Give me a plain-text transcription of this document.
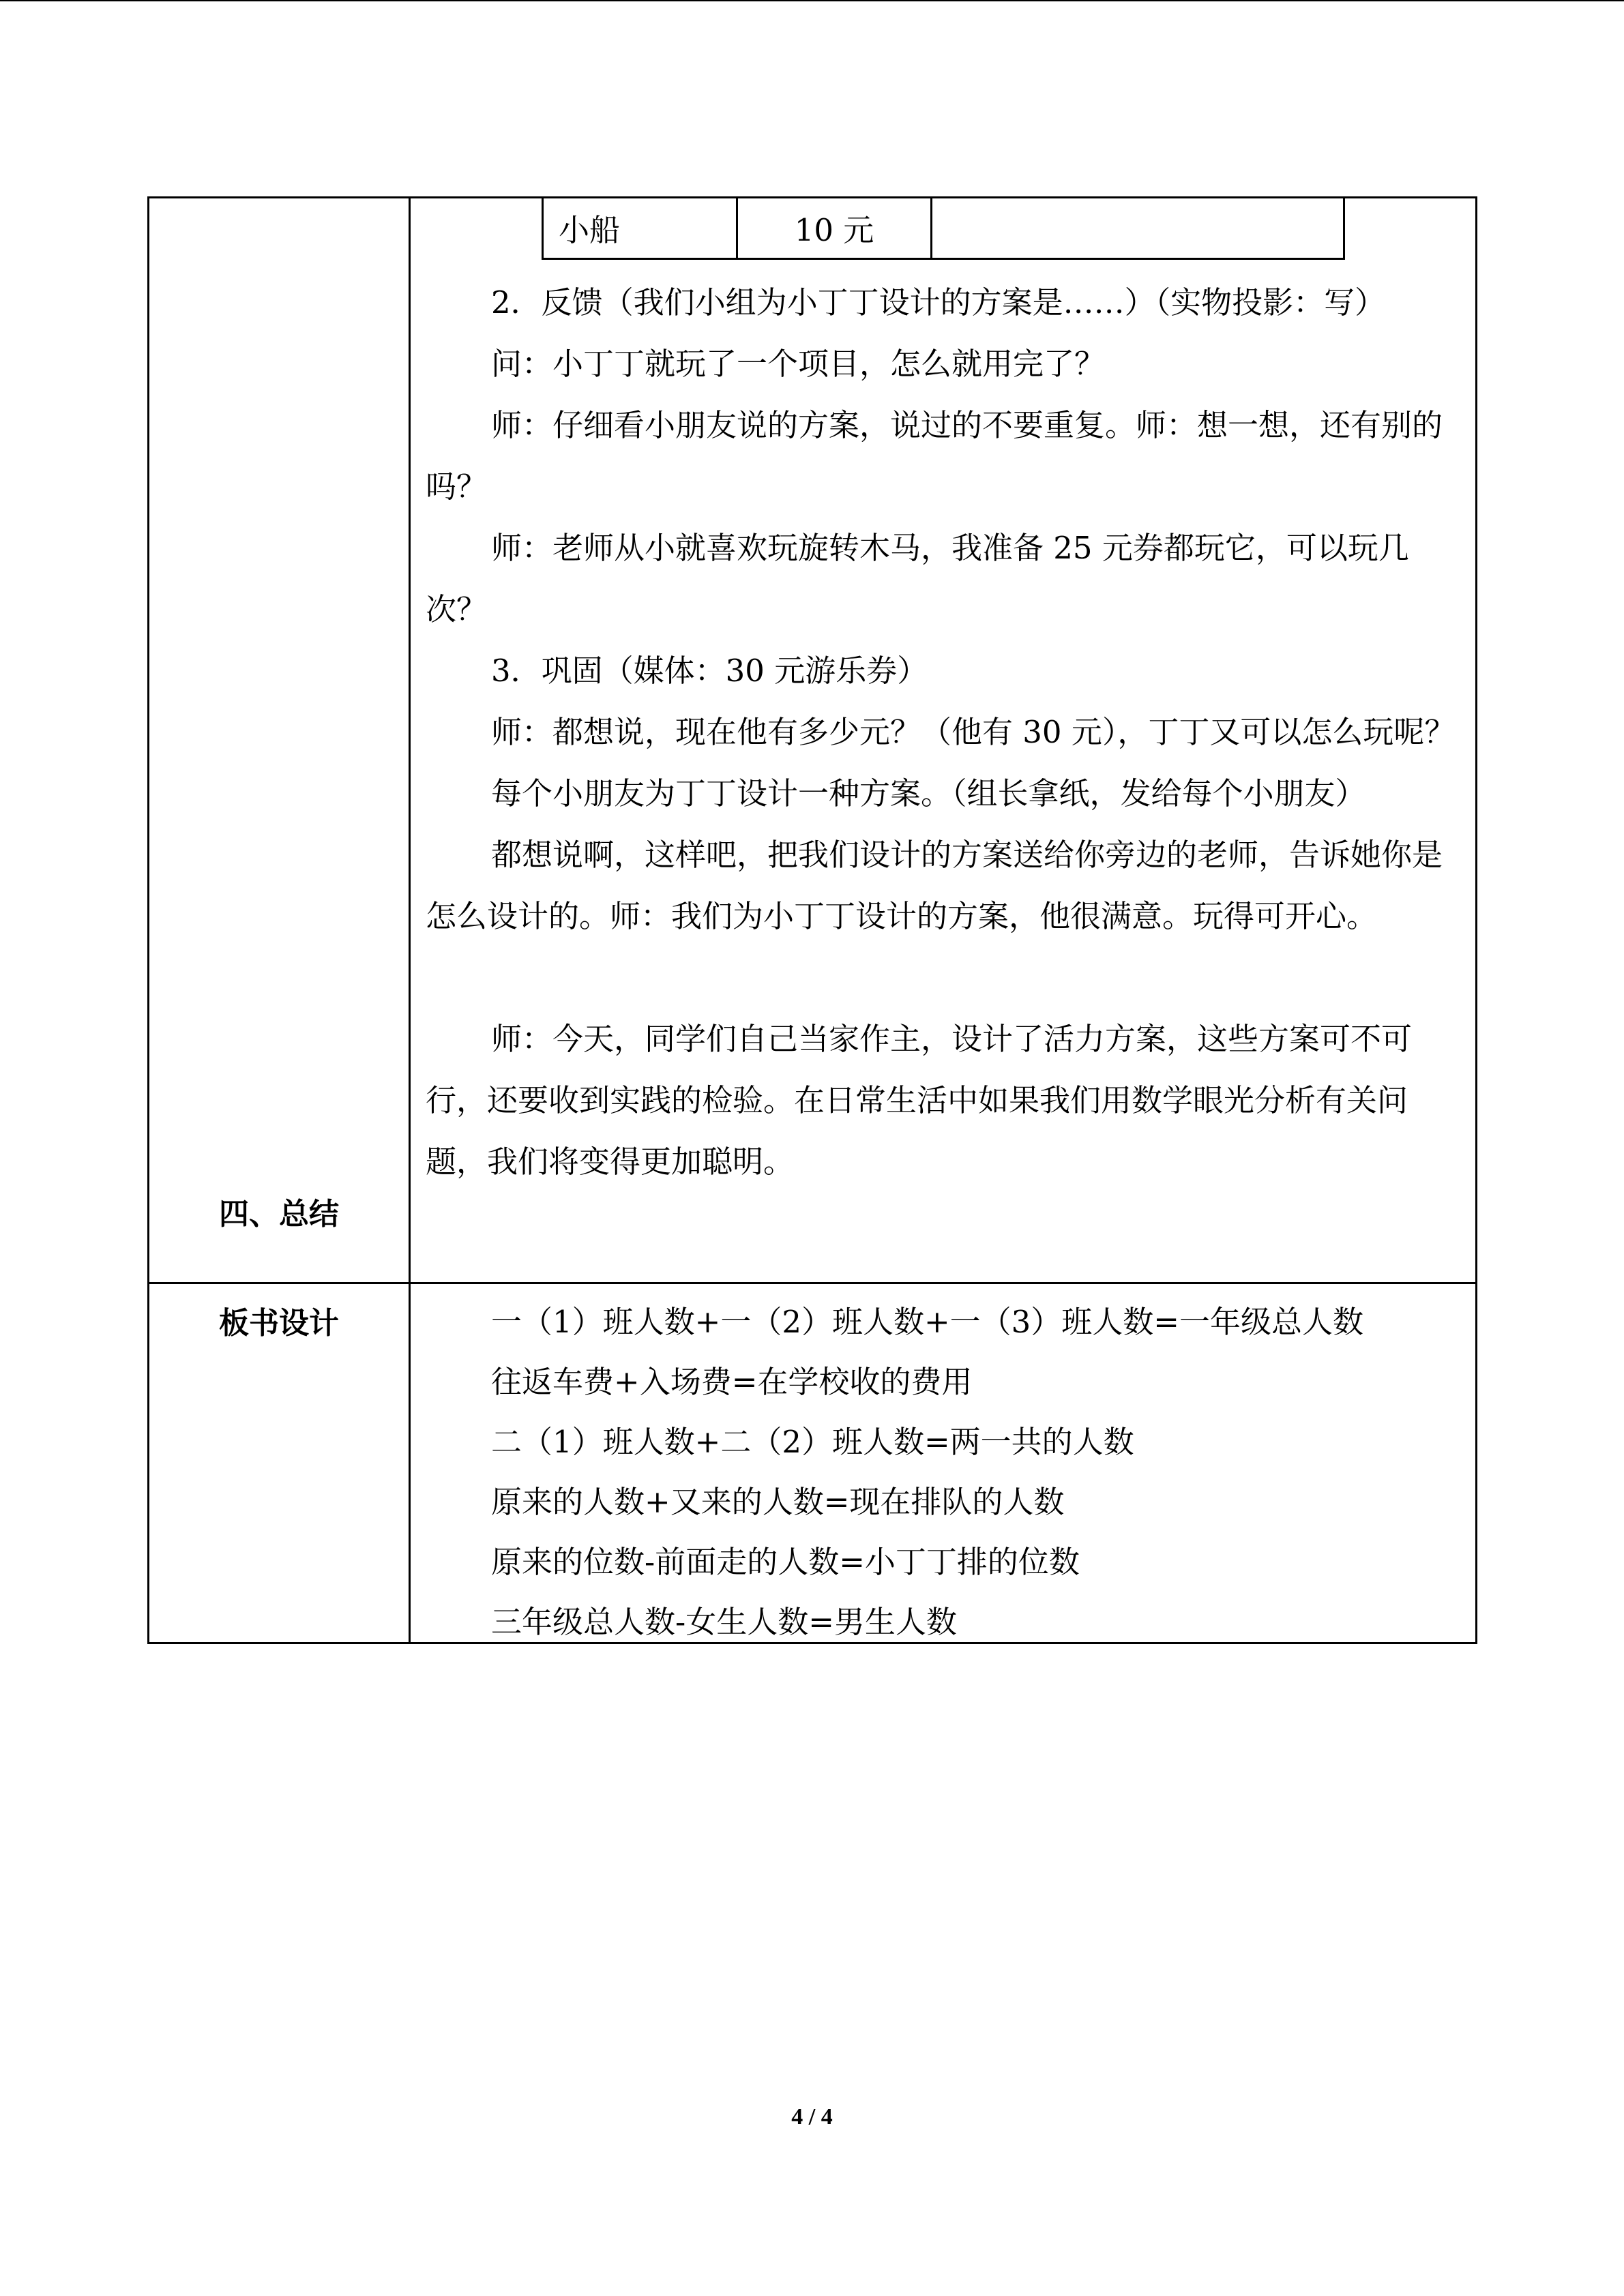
四、总结
小船	10 元

2．反馈（我们小组为小丁丁设计的方案是……）（实物投影：写）

问：小丁丁就玩了一个项目，怎么就用完了？

师：仔细看小朋友说的方案，说过的不要重复。师：想一想，还有别的吗？

师：老师从小就喜欢玩旋转木马，我准备 25 元券都玩它，可以玩几次？

3．巩固（媒体：30 元游乐券）

师：都想说，现在他有多少元？（他有 30 元），丁丁又可以怎么玩呢？

每个小朋友为丁丁设计一种方案。（组长拿纸，发给每个小朋友）

都想说啊，这样吧，把我们设计的方案送给你旁边的老师，告诉她你是怎么设计的。师：我们为小丁丁设计的方案，他很满意。玩得可开心。

师：今天，同学们自己当家作主，设计了活力方案，这些方案可不可行，还要收到实践的检验。在日常生活中如果我们用数学眼光分析有关问题，我们将变得更加聪明。

板书设计	一（1）班人数+一（2）班人数+一（3）班人数=一年级总人数

往返车费+入场费=在学校收的费用

二（1）班人数+二（2）班人数=两一共的人数

原来的人数+又来的人数=现在排队的人数

原来的位数-前面走的人数=小丁丁排的位数

三年级总人数-女生人数=男生人数

4 / 4
